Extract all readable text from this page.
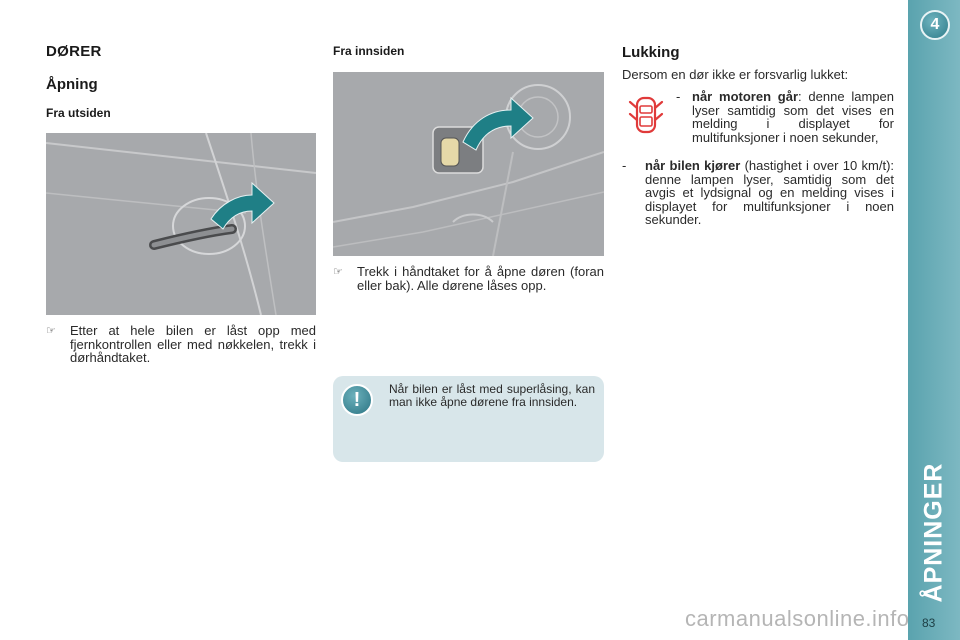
DØRER
Åpning
Fra utsiden
☞	Etter at hele bilen er låst opp med fjernkontrollen eller med nøkkelen, trekk i dørhåndtaket.
Fra innsiden
☞	Trekk i håndtaket for å åpne døren (foran eller bak). Alle dørene låses opp.
!	Når bilen er låst med superlåsing, kan man ikke åpne dørene fra innsiden.
Lukking
Dersom en dør ikke er forsvarlig lukket:
- når motoren går: denne lampen lyser samtidig som det vises en melding i displayet for multifunksjoner i noen sekunder,
-	når bilen kjører (hastighet i over 10 km/t): denne lampen lyser, samtidig som det avgis et lydsignal og en melding vises i displayet for multifunksjoner i noen sekunder.
4
ÅPNINGER
83
carmanualsonline.info
